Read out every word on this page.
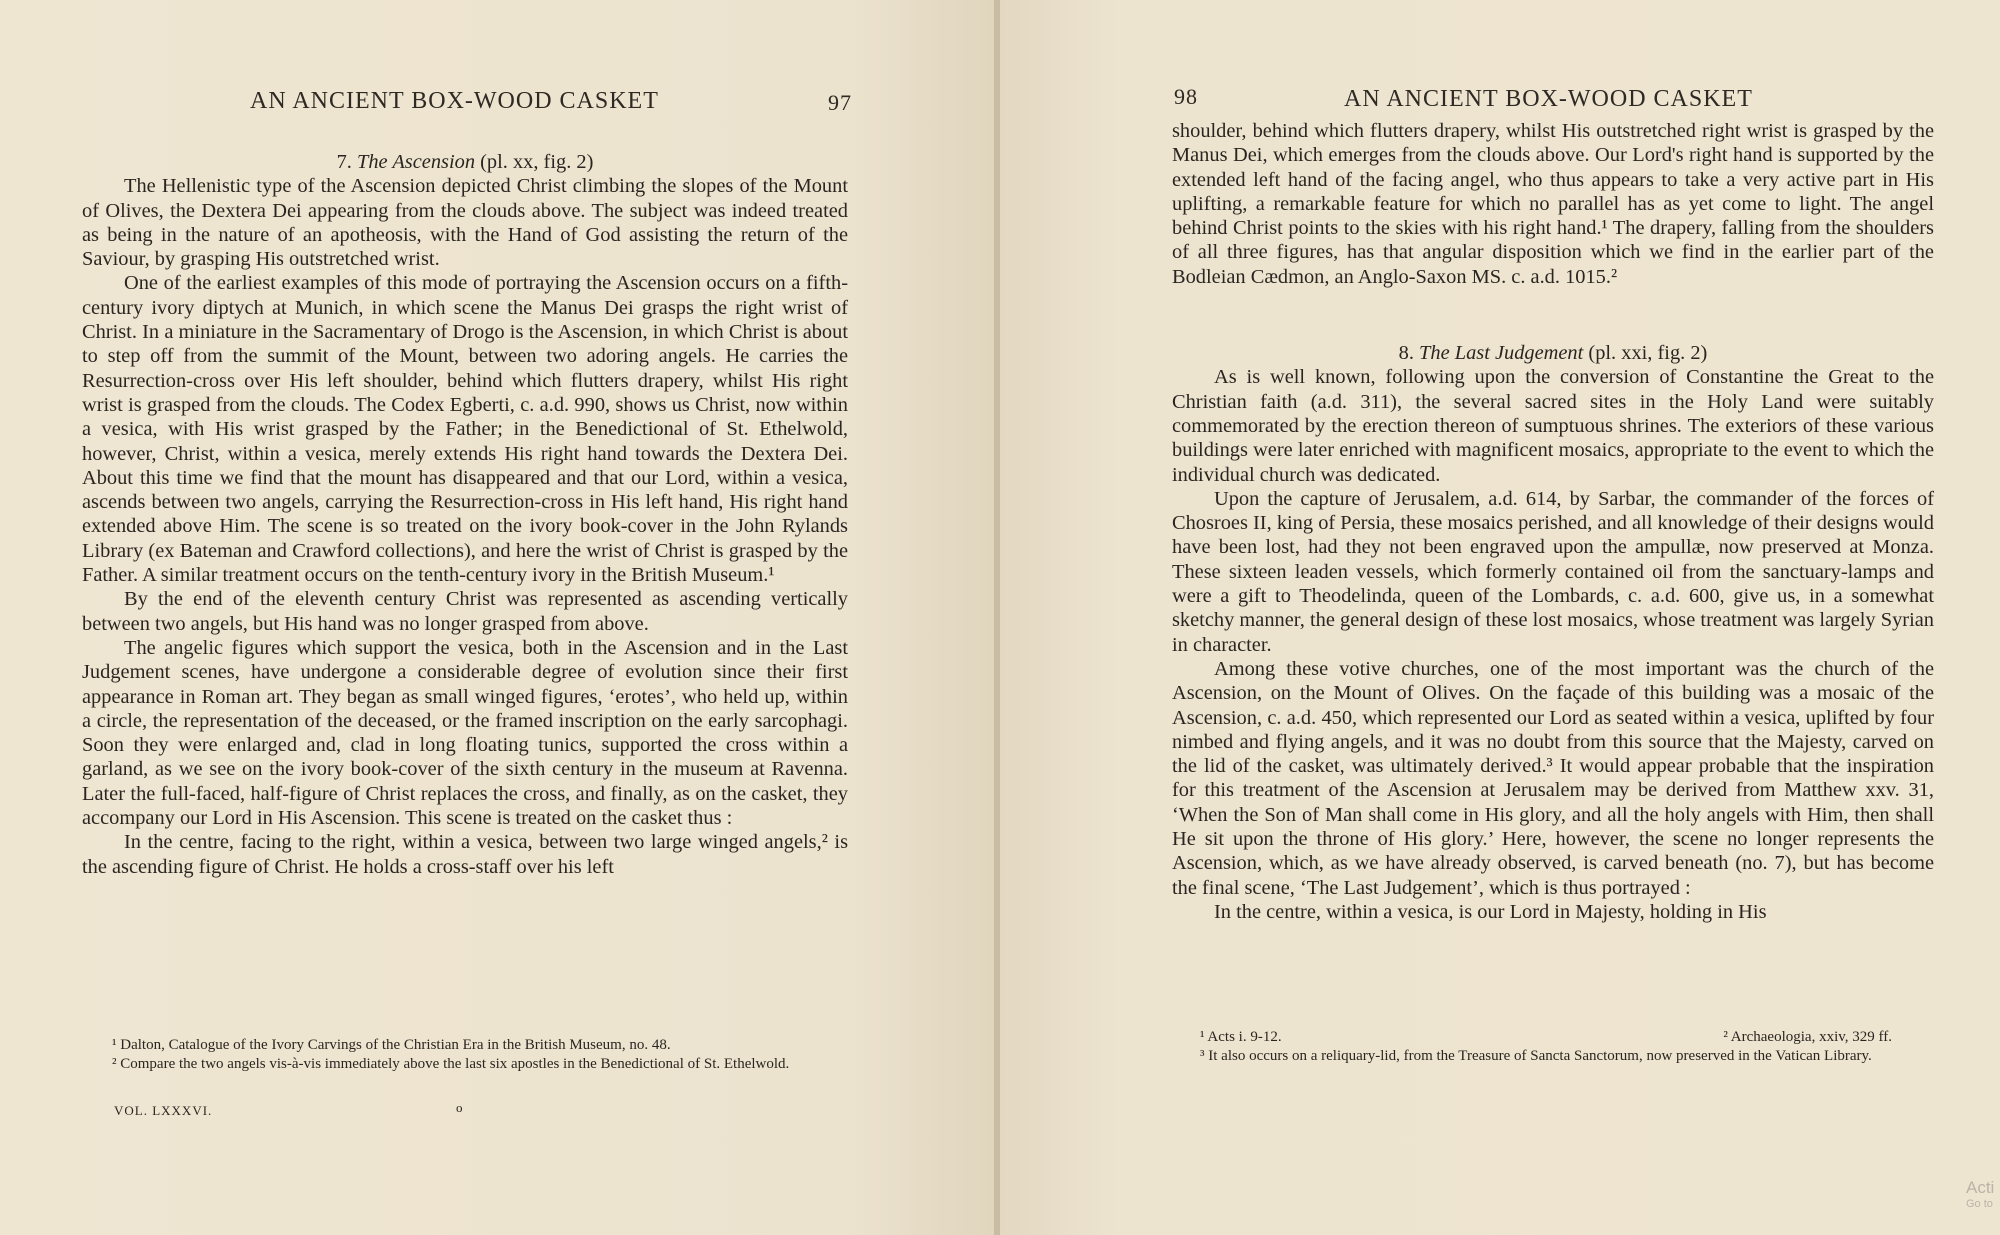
AN ANCIENT BOX-WOOD CASKET	97
7. The Ascension (pl. xx, fig. 2)

The Hellenistic type of the Ascension depicted Christ climbing the slopes of the Mount of Olives, the Dextera Dei appearing from the clouds above. The subject was indeed treated as being in the nature of an apotheosis, with the Hand of God assisting the return of the Saviour, by grasping His outstretched wrist.

One of the earliest examples of this mode of portraying the Ascension occurs on a fifth-century ivory diptych at Munich, in which scene the Manus Dei grasps the right wrist of Christ. In a miniature in the Sacramentary of Drogo is the Ascension, in which Christ is about to step off from the summit of the Mount, between two adoring angels. He carries the Resurrection-cross over His left shoulder, behind which flutters drapery, whilst His right wrist is grasped from the clouds. The Codex Egberti, c. a.d. 990, shows us Christ, now within a vesica, with His wrist grasped by the Father; in the Benedictional of St. Ethelwold, however, Christ, within a vesica, merely extends His right hand towards the Dextera Dei. About this time we find that the mount has disappeared and that our Lord, within a vesica, ascends between two angels, carrying the Resurrection-cross in His left hand, His right hand extended above Him. The scene is so treated on the ivory book-cover in the John Rylands Library (ex Bateman and Crawford collections), and here the wrist of Christ is grasped by the Father. A similar treatment occurs on the tenth-century ivory in the British Museum.¹

By the end of the eleventh century Christ was represented as ascending vertically between two angels, but His hand was no longer grasped from above.

The angelic figures which support the vesica, both in the Ascension and in the Last Judgement scenes, have undergone a considerable degree of evolution since their first appearance in Roman art. They began as small winged figures, ‘erotes’, who held up, within a circle, the representation of the deceased, or the framed inscription on the early sarcophagi. Soon they were enlarged and, clad in long floating tunics, supported the cross within a garland, as we see on the ivory book-cover of the sixth century in the museum at Ravenna. Later the full-faced, half-figure of Christ replaces the cross, and finally, as on the casket, they accompany our Lord in His Ascension. This scene is treated on the casket thus :

In the centre, facing to the right, within a vesica, between two large winged angels,² is the ascending figure of Christ. He holds a cross-staff over his left

¹ Dalton, Catalogue of the Ivory Carvings of the Christian Era in the British Museum, no. 48.

² Compare the two angels vis-à-vis immediately above the last six apostles in the Benedictional of St. Ethelwold.

VOL. LXXXVI.	o
98	AN ANCIENT BOX-WOOD CASKET

shoulder, behind which flutters drapery, whilst His outstretched right wrist is grasped by the Manus Dei, which emerges from the clouds above. Our Lord's right hand is supported by the extended left hand of the facing angel, who thus appears to take a very active part in His uplifting, a remarkable feature for which no parallel has as yet come to light. The angel behind Christ points to the skies with his right hand.¹ The drapery, falling from the shoulders of all three figures, has that angular disposition which we find in the earlier part of the Bodleian Cædmon, an Anglo-Saxon MS. c. a.d. 1015.²

8. The Last Judgement (pl. xxi, fig. 2)

As is well known, following upon the conversion of Constantine the Great to the Christian faith (a.d. 311), the several sacred sites in the Holy Land were suitably commemorated by the erection thereon of sumptuous shrines. The exteriors of these various buildings were later enriched with magnificent mosaics, appropriate to the event to which the individual church was dedicated.

Upon the capture of Jerusalem, a.d. 614, by Sarbar, the commander of the forces of Chosroes II, king of Persia, these mosaics perished, and all knowledge of their designs would have been lost, had they not been engraved upon the ampullæ, now preserved at Monza. These sixteen leaden vessels, which formerly contained oil from the sanctuary-lamps and were a gift to Theodelinda, queen of the Lombards, c. a.d. 600, give us, in a somewhat sketchy manner, the general design of these lost mosaics, whose treatment was largely Syrian in character.

Among these votive churches, one of the most important was the church of the Ascension, on the Mount of Olives. On the façade of this building was a mosaic of the Ascension, c. a.d. 450, which represented our Lord as seated within a vesica, uplifted by four nimbed and flying angels, and it was no doubt from this source that the Majesty, carved on the lid of the casket, was ultimately derived.³ It would appear probable that the inspiration for this treatment of the Ascension at Jerusalem may be derived from Matthew xxv. 31, ‘When the Son of Man shall come in His glory, and all the holy angels with Him, then shall He sit upon the throne of His glory.’ Here, however, the scene no longer represents the Ascension, which, as we have already observed, is carved beneath (no. 7), but has become the final scene, ‘The Last Judgement’, which is thus portrayed :

In the centre, within a vesica, is our Lord in Majesty, holding in His

¹ Acts i. 9-12.	² Archaeologia, xxiv, 329 ff.

³ It also occurs on a reliquary-lid, from the Treasure of Sancta Sanctorum, now preserved in the Vatican Library.

Acti
Go to
